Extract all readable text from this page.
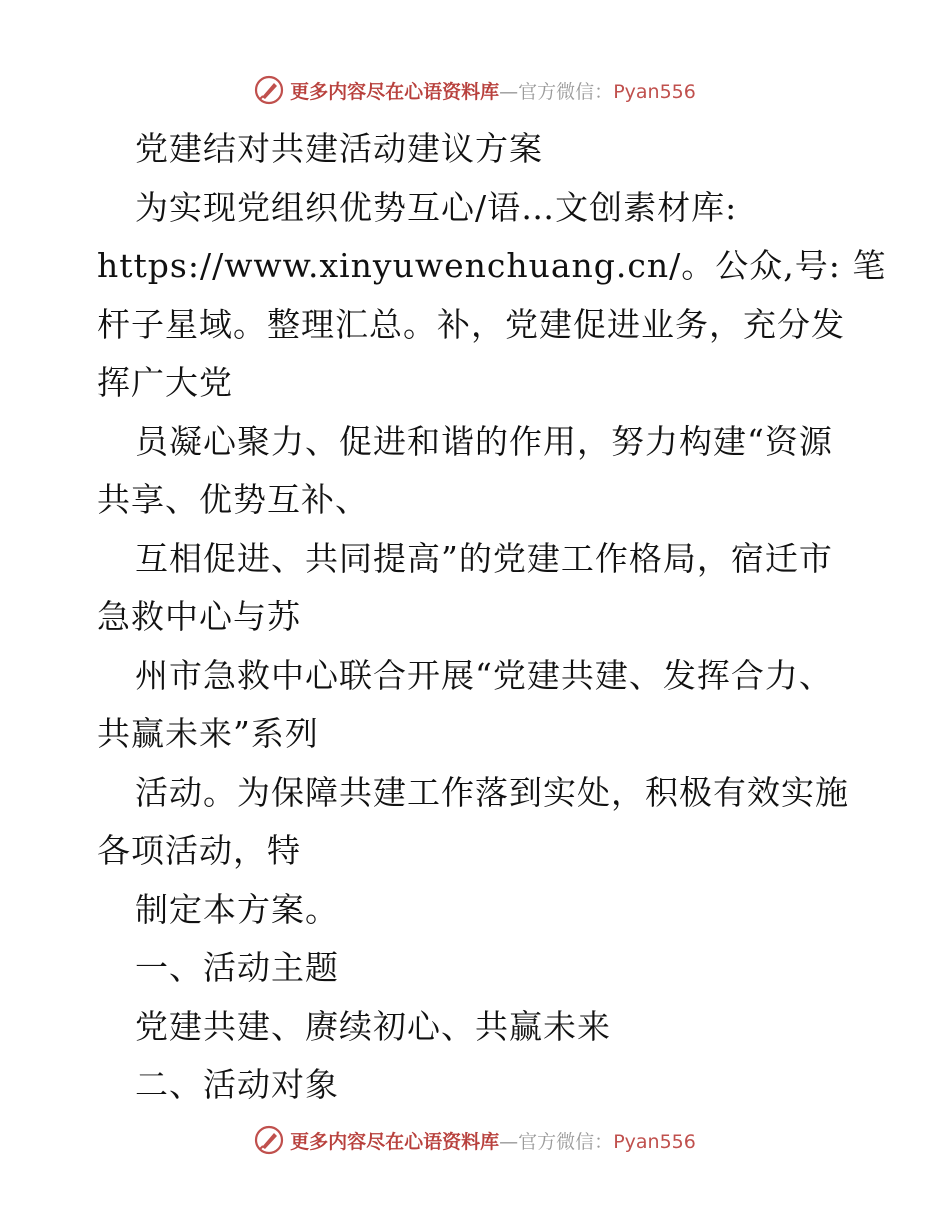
更多内容尽在心语资料库—官方微信：Pyan556
党建结对共建活动建议方案
为实现党组织优势互心/语…文创素材库:
https://www.xinyuwenchuang.cn/。公众,号: 笔
杆子星域。整理汇总。补，党建促进业务，充分发
挥广大党
员凝心聚力、促进和谐的作用，努力构建“资源
共享、优势互补、
互相促进、共同提高”的党建工作格局，宿迁市
急救中心与苏
州市急救中心联合开展“党建共建、发挥合力、
共赢未来”系列
活动。为保障共建工作落到实处，积极有效实施
各项活动，特
制定本方案。
一、活动主题
党建共建、赓续初心、共赢未来
二、活动对象
更多内容尽在心语资料库—官方微信：Pyan556
